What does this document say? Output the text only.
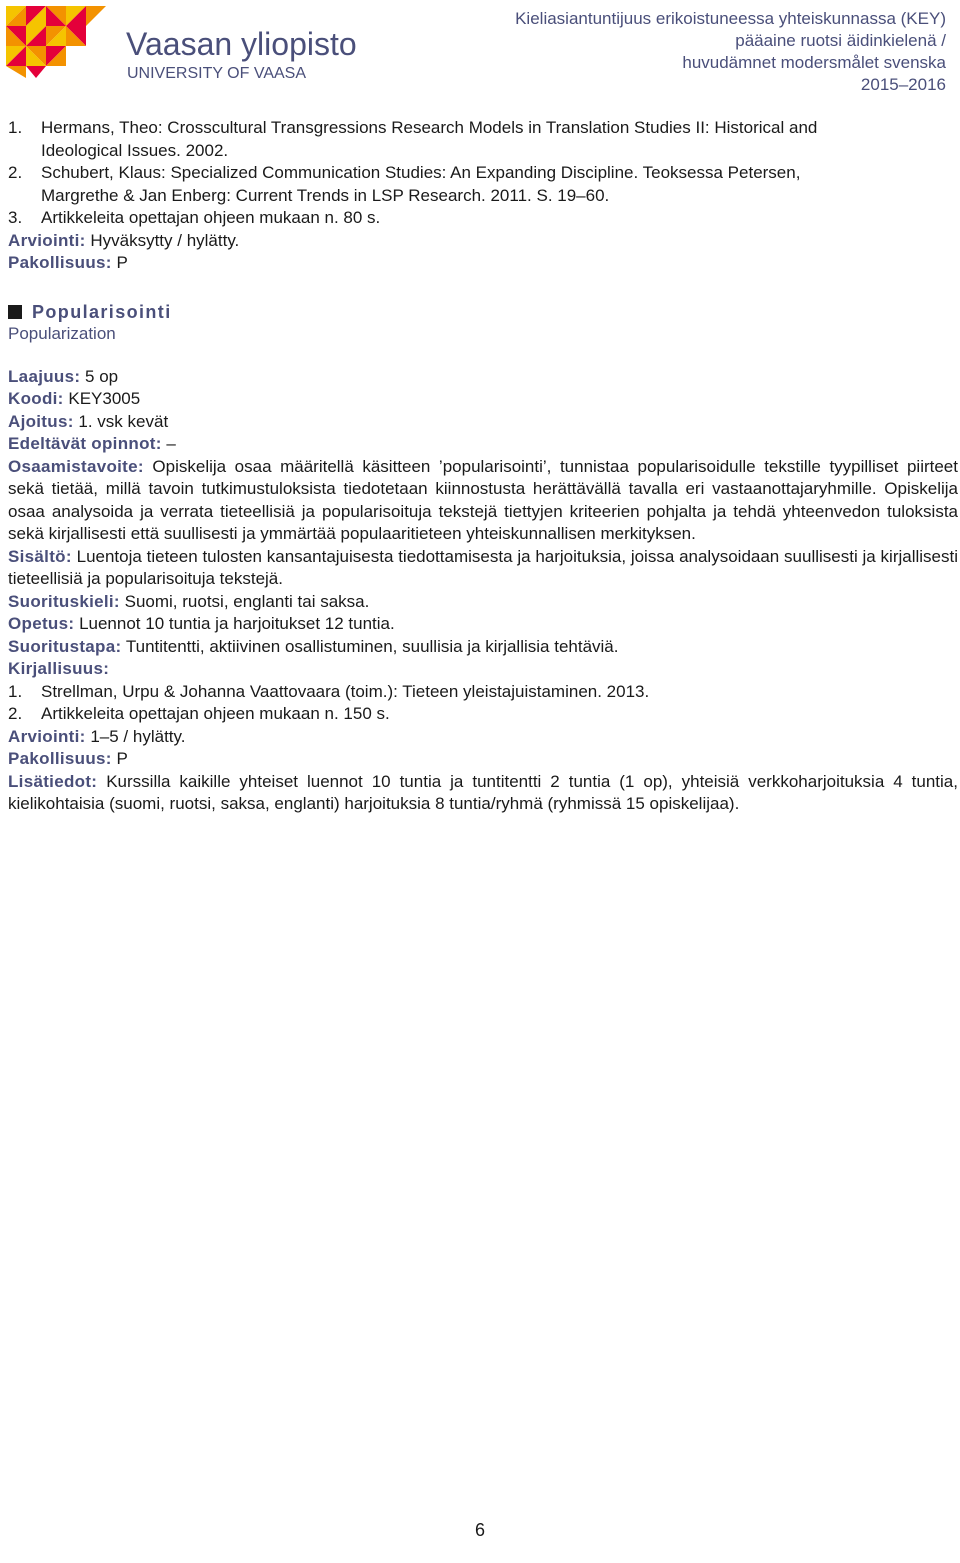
Vaasan yliopisto
UNIVERSITY OF VAASA
Kieliasiantuntijuus erikoistuneessa yhteiskunnassa (KEY)
pääaine ruotsi äidinkielenä /
huvudämnet modersmålet svenska
2015–2016

1. Hermans, Theo: Crosscultural Transgressions Research Models in Translation Studies II: Historical and

Ideological Issues. 2002.

2. Schubert, Klaus: Specialized Communication Studies: An Expanding Discipline. Teoksessa Petersen,

Margrethe & Jan Enberg: Current Trends in LSP Research. 2011. S. 19–60.

3. Artikkeleita opettajan ohjeen mukaan n. 80 s.

Arviointi: Hyväksytty / hylätty.

Pakollisuus: P

Popularisointi

Popularization

Laajuus: 5 op

Koodi: KEY3005

Ajoitus: 1. vsk kevät

Edeltävät opinnot: –

Osaamistavoite: Opiskelija osaa määritellä käsitteen ’popularisointi’, tunnistaa popularisoidulle tekstille tyypilliset piirteet sekä tietää, millä tavoin tutkimustuloksista tiedotetaan kiinnostusta herättävällä tavalla eri vastaanottajaryhmille. Opiskelija osaa analysoida ja verrata tieteellisiä ja popularisoituja tekstejä tiettyjen kriteerien pohjalta ja tehdä yhteenvedon tuloksista sekä kirjallisesti että suullisesti ja ymmärtää populaaritieteen yhteiskunnallisen merkityksen.

Sisältö: Luentoja tieteen tulosten kansantajuisesta tiedottamisesta ja harjoituksia, joissa analysoidaan suullisesti ja kirjallisesti tieteellisiä ja popularisoituja tekstejä.

Suorituskieli: Suomi, ruotsi, englanti tai saksa.

Opetus: Luennot 10 tuntia ja harjoitukset 12 tuntia.

Suoritustapa: Tuntitentti, aktiivinen osallistuminen, suullisia ja kirjallisia tehtäviä.

Kirjallisuus:

1. Strellman, Urpu & Johanna Vaattovaara (toim.): Tieteen yleistajuistaminen. 2013.

2. Artikkeleita opettajan ohjeen mukaan n. 150 s.

Arviointi: 1–5 / hylätty.

Pakollisuus: P

Lisätiedot: Kurssilla kaikille yhteiset luennot 10 tuntia ja tuntitentti 2 tuntia (1 op), yhteisiä verkkoharjoituksia 4 tuntia, kielikohtaisia (suomi, ruotsi, saksa, englanti) harjoituksia 8 tuntia/ryhmä (ryhmissä 15 opiskelijaa).

6
